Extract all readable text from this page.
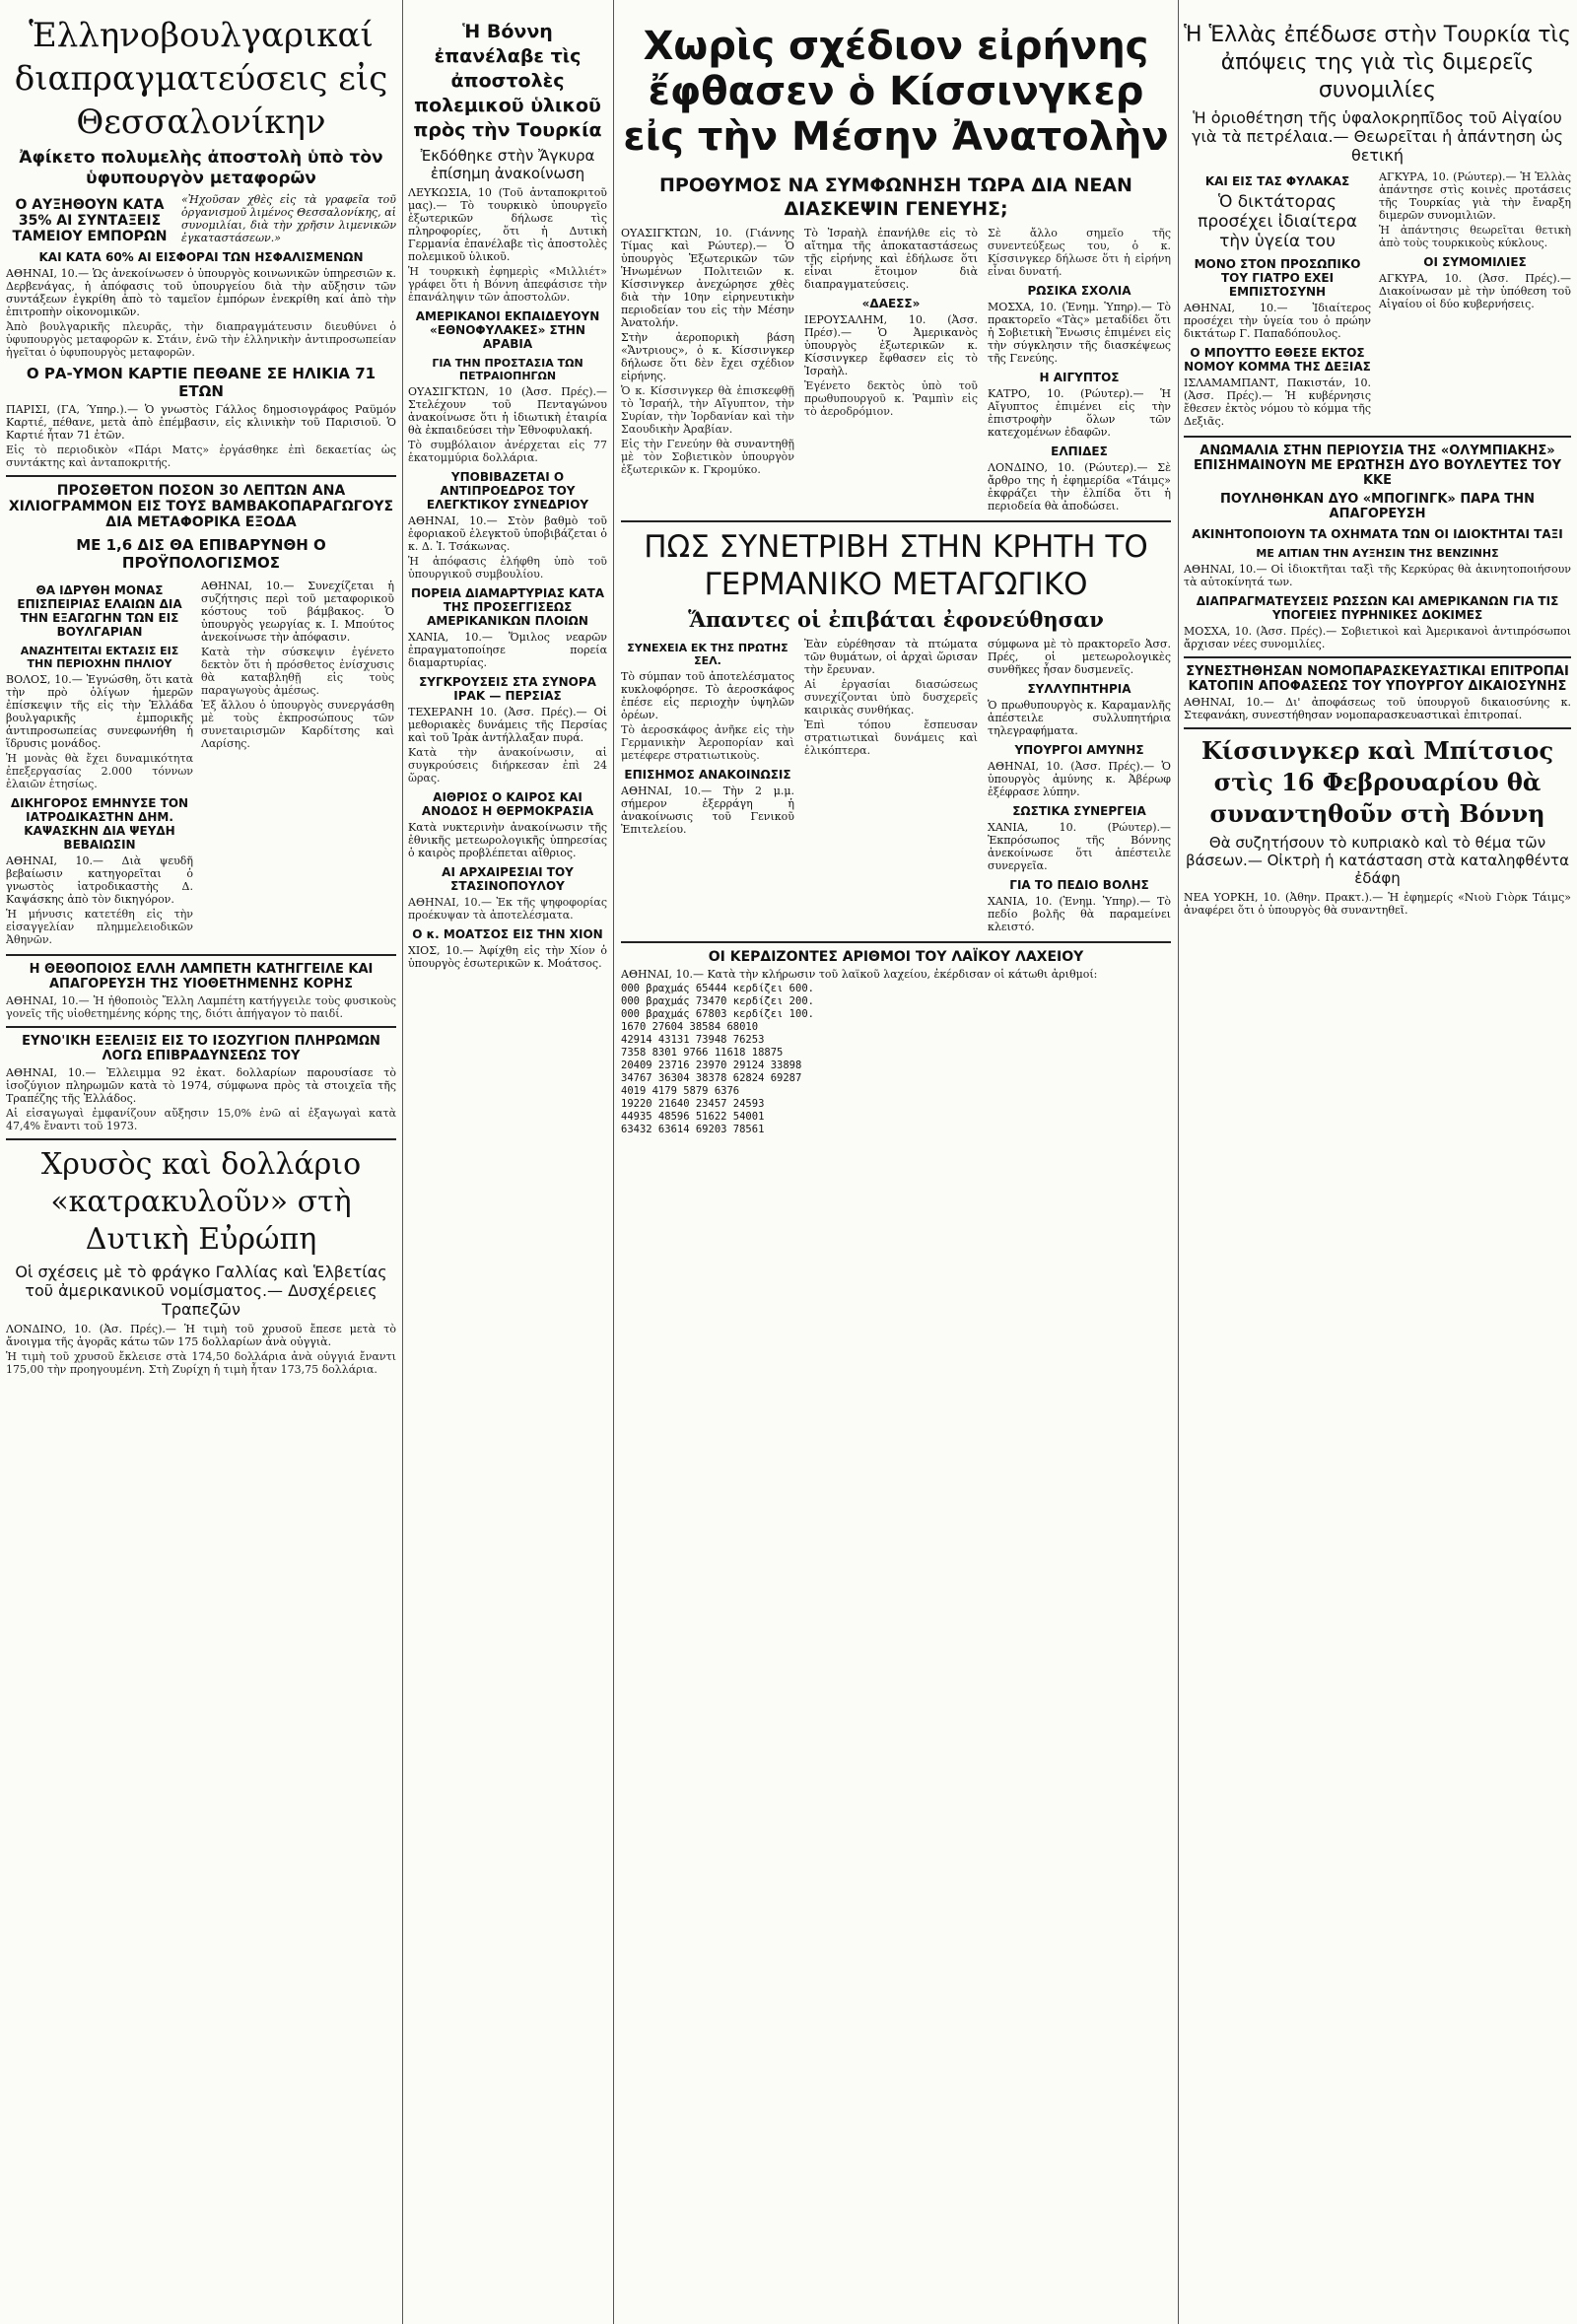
Ἑλληνοβουλγαρικαί διαπραγματεύσεις εἰς Θεσσαλονίκην
Ἀφίκετο πολυμελὴς ἀποστολὴ ὑπὸ τὸν ὑφυπουργὸν μεταφορῶν
Ο ΑΥΞΗΘΟΥΝ ΚΑΤΑ 35% ΑΙ ΣΥΝΤΑΞΕΙΣ ΤΑΜΕΙΟΥ ΕΜΠΟΡΩΝ

«Ἠχοῦσαν χθὲς εἰς τὰ γραφεῖα τοῦ ὀργανισμοῦ λιμένος Θεσσαλονίκης, αἱ συνομιλίαι, διὰ τὴν χρῆσιν λιμενικῶν ἐγκαταστάσεων.»

ΚΑΙ ΚΑΤΑ 60% ΑΙ ΕΙΣΦΟΡΑΙ ΤΩΝ ΗΣΦΑΛΙΣΜΕΝΩΝ

ΑΘΗΝΑΙ, 10.— Ὡς ἀνεκοίνωσεν ὁ ὑπουργὸς κοινωνικῶν ὑπηρεσιῶν κ. Δερβενάγας, ἡ ἀπόφασις τοῦ ὑπουργείου διὰ τὴν αὔξησιν τῶν συντάξεων ἐγκρίθη ἀπὸ τὸ ταμεῖον ἐμπόρων ἐνεκρίθη καί ἀπὸ τὴν ἐπιτροπὴν οἰκονομικῶν.

Ἀπὸ βουλγαρικῆς πλευρᾶς, τὴν διαπραγμάτευσιν διευθύνει ὁ ὑφυπουργὸς μεταφορῶν κ. Στάιν, ἐνῶ τὴν ἑλληνικὴν ἀντιπροσωπείαν ἡγεῖται ὁ ὑφυπουργὸς μεταφορῶν.

Ο ΡΑ-ΥΜΟΝ ΚΑΡΤΙΕ ΠΕΘΑΝΕ ΣΕ ΗΛΙΚΙΑ 71 ΕΤΩΝ

ΠΑΡΙΣΙ, (ΓΑ, Ύπηρ.).— Ὁ γνωστὸς Γάλλος δημοσιογράφος Ραϋμόν Καρτιέ, πέθανε, μετὰ ἀπὸ ἐπέμβασιν, εἰς κλινικὴν τοῦ Παρισιοῦ. Ὁ Καρτιέ ἦταν 71 ἐτῶν.

Εἰς τὸ περιοδικὸν «Πάρι Ματς» ἐργάσθηκε ἐπὶ δεκαετίας ὡς συντάκτης καὶ ἀνταποκριτής.

ΠΡΟΣΘΕΤΟΝ ΠΟΣΟΝ 30 ΛΕΠΤΩΝ ΑΝΑ ΧΙΛΙΟΓΡΑΜΜΟΝ ΕΙΣ ΤΟΥΣ ΒΑΜΒΑΚΟΠΑΡΑΓΩΓΟΥΣ ΔΙΑ ΜΕΤΑΦΟΡΙΚΑ ΕΞΟΔΑ
ΜΕ 1,6 ΔΙΣ ΘΑ ΕΠΙΒΑΡΥΝΘΗ Ο ΠΡΟΫΠΟΛΟΓΙΣΜΟΣ
ΘΑ ΙΔΡΥΘΗ ΜΟΝΑΣ ΕΠΙΣΠΕΙΡΙΑΣ ΕΛΑΙΩΝ ΔΙΑ ΤΗΝ ΕΞΑΓΩΓΗΝ ΤΩΝ ΕΙΣ ΒΟΥΛΓΑΡΙΑΝ
ΑΝΑΖΗΤΕΙΤΑΙ ΕΚΤΑΣΙΣ ΕΙΣ ΤΗΝ ΠΕΡΙΟΧΗΝ ΠΗΛΙΟΥ

ΒΟΛΟΣ, 10.— Ἐγνώσθη, ὅτι κατὰ τὴν πρὸ ὀλίγων ἡμερῶν ἐπίσκεψιν τῆς εἰς τὴν Ἑλλάδα βουλγαρικῆς ἐμπορικῆς ἀντιπροσωπείας συνεφωνήθη ἡ ἵδρυσις μονάδος.

Ἡ μονὰς θὰ ἔχει δυναμικότητα ἐπεξεργασίας 2.000 τόννων ἐλαιῶν ἐτησίως.

ΔΙΚΗΓΟΡΟΣ ΕΜΗΝΥΣΕ ΤΟΝ ΙΑΤΡΟΔΙΚΑΣΤΗΝ ΔΗΜ. ΚΑΨΑΣΚΗΝ ΔΙΑ ΨΕΥΔΗ ΒΕΒΑΙΩΣΙΝ

ΑΘΗΝΑΙ, 10.— Διὰ ψευδῆ βεβαίωσιν κατηγορεῖται ὁ γνωστὸς ἰατροδικαστὴς Δ. Καψάσκης ἀπὸ τὸν δικηγόρον.

Ἡ μήνυσις κατετέθη εἰς τὴν εἰσαγγελίαν πλημμελειοδικῶν Ἀθηνῶν.

ΑΘΗΝΑΙ, 10.— Συνεχίζεται ἡ συζήτησις περὶ τοῦ μεταφορικοῦ κόστους τοῦ βάμβακος. Ὁ ὑπουργὸς γεωργίας κ. Ι. Μπούτος ἀνεκοίνωσε τὴν ἀπόφασιν.

Κατὰ τὴν σύσκεψιν ἐγένετο δεκτὸν ὅτι ἡ πρόσθετος ἐνίσχυσις θὰ καταβληθῇ εἰς τοὺς παραγωγοὺς ἀμέσως.

Ἐξ ἄλλου ὁ ὑπουργὸς συνεργάσθη μὲ τοὺς ἐκπροσώπους τῶν συνεταιρισμῶν Καρδίτσης καὶ Λαρίσης.

Η ΘΕΘΟΠΟΙΟΣ ΕΛΛΗ ΛΑΜΠΕΤΗ ΚΑΤΗΓΓΕΙΛΕ ΚΑΙ ΑΠΑΓΟΡΕΥΣΗ ΤΗΣ ΥΙΟΘΕΤΗΜΕΝΗΣ ΚΟΡΗΣ

ΑΘΗΝΑΙ, 10.— Ἡ ἠθοποιὸς Ἔλλη Λαμπέτη κατήγγειλε τοὺς φυσικοὺς γονεῖς τῆς υἱοθετημένης κόρης της, διότι ἀπήγαγον τὸ παιδί.

ΕΥΝΟ'ΙΚΗ ΕΞΕΛΙΞΙΣ ΕΙΣ ΤΟ ΙΣΟΖΥΓΙΟΝ ΠΛΗΡΩΜΩΝ ΛΟΓΩ ΕΠΙΒΡΑΔΥΝΣΕΩΣ ΤΟΥ

ΑΘΗΝΑΙ, 10.— Ἐλλειμμα 92 ἐκατ. δολλαρίων παρουσίασε τὸ ἰσοζύγιον πληρωμῶν κατὰ τὸ 1974, σύμφωνα πρὸς τὰ στοιχεῖα τῆς Τραπέζης τῆς Ἑλλάδος.

Αἱ εἰσαγωγαὶ ἐμφανίζουν αὔξησιν 15,0% ἐνῶ αἱ ἐξαγωγαὶ κατὰ 47,4% ἔναντι τοῦ 1973.

Χρυσὸς καὶ δολλάριο «κατρακυλοῦν» στὴ Δυτικὴ Εὐρώπη
Οἱ σχέσεις μὲ τὸ φράγκο Γαλλίας καὶ Ἑλβετίας τοῦ ἀμερικανικοῦ νομίσματος.— Δυσχέρειες Τραπεζῶν

ΛΟΝΔΙΝΟ, 10. (Ἀσ. Πρές).— Ἡ τιμὴ τοῦ χρυσοῦ ἔπεσε μετὰ τὸ ἄνοιγμα τῆς ἀγορᾶς κάτω τῶν 175 δολλαρίων ἀνὰ οὐγγιὰ.

Ἡ τιμὴ τοῦ χρυσοῦ ἔκλεισε στὰ 174,50 δολλάρια ἀνὰ οὐγγιά ἔναντι 175,00 τὴν προηγουμένη. Στὴ Ζυρίχη ἡ τιμὴ ἦταν 173,75 δολλάρια.

Ἡ Βόννη ἐπανέλαβε τὶς ἀποστολὲς πολεμικοῦ ὑλικοῦ πρὸς τὴν Τουρκία
Ἐκδόθηκε στὴν Ἄγκυρα ἐπίσημη ἀνακοίνωση

ΛΕΥΚΩΣΙΑ, 10 (Τοῦ ἀνταποκριτοῦ μας).— Τὸ τουρκικὸ ὑπουργεῖο ἐξωτερικῶν δήλωσε τὶς πληροφορίες, ὅτι ἡ Δυτικὴ Γερμανία ἐπανέλαβε τὶς ἀποστολὲς πολεμικοῦ ὑλικοῦ.

Ἡ τουρκικὴ ἐφημερὶς «Μιλλιέτ» γράφει ὅτι ἡ Βόννη ἀπεφάσισε τὴν ἐπανάληψιν τῶν ἀποστολῶν.

ΑΜΕΡΙΚΑΝΟΙ ΕΚΠΑΙΔΕΥΟΥΝ «ΕΘΝΟΦΥΛΑΚΕΣ» ΣΤΗΝ ΑΡΑΒΙΑ
ΓΙΑ ΤΗΝ ΠΡΟΣΤΑΣΙΑ ΤΩΝ ΠΕΤΡΑΙΟΠΗΓΩΝ

ΟΥΑΣΙΓΚΤΩΝ, 10 (Ἀσσ. Πρές).— Στελέχουν τοῦ Πενταγώνου ἀνακοίνωσε ὅτι ἡ ἰδιωτικὴ ἑταιρία θὰ ἐκπαιδεύσει τὴν Ἐθνοφυλακή.

Τὸ συμβόλαιον ἀνέρχεται εἰς 77 ἑκατομμύρια δολλάρια.

ΥΠΟΒΙΒΑΖΕΤΑΙ Ο ΑΝΤΙΠΡΟΕΔΡΟΣ ΤΟΥ ΕΛΕΓΚΤΙΚΟΥ ΣΥΝΕΔΡΙΟΥ

ΑΘΗΝΑΙ, 10.— Στὸν βαθμὸ τοῦ ἐφοριακοῦ ἐλεγκτοῦ ὑποβιβάζεται ὁ κ. Δ. Ἰ. Τσάκωνας.

Ἡ ἀπόφασις ἐλήφθη ὑπὸ τοῦ ὑπουργικοῦ συμβουλίου.

ΠΟΡΕΙΑ ΔΙΑΜΑΡΤΥΡΙΑΣ ΚΑΤΑ ΤΗΣ ΠΡΟΣΕΓΓΙΣΕΩΣ ΑΜΕΡΙΚΑΝΙΚΩΝ ΠΛΟΙΩΝ

ΧΑΝΙΑ, 10.— Ὅμιλος νεαρῶν ἐπραγματοποίησε πορεία διαμαρτυρίας.

ΣΥΓΚΡΟΥΣΕΙΣ ΣΤΑ ΣΥΝΟΡΑ ΙΡΑΚ — ΠΕΡΣΙΑΣ

ΤΕΧΕΡΑΝΗ 10. (Ἀσσ. Πρές).— Οἱ μεθοριακὲς δυνάμεις τῆς Περσίας καὶ τοῦ Ἰρὰκ ἀντήλλαξαν πυρά.

Κατὰ τὴν ἀνακοίνωσιν, αἱ συγκρούσεις διήρκεσαν ἐπὶ 24 ὥρας.

ΑΙΘΡΙΟΣ Ο ΚΑΙΡΟΣ ΚΑΙ ΑΝΟΔΟΣ Η ΘΕΡΜΟΚΡΑΣΙΑ

Κατὰ νυκτερινὴν ἀνακοίνωσιν τῆς ἐθνικῆς μετεωρολογικῆς ὑπηρεσίας ὁ καιρὸς προβλέπεται αἴθριος.

ΑΙ ΑΡΧΑΙΡΕΣΙΑΙ ΤΟΥ ΣΤΑΣΙΝΟΠΟΥΛΟΥ

ΑΘΗΝΑΙ, 10.— Ἐκ τῆς ψηφοφορίας προέκυψαν τὰ ἀποτελέσματα.

Ο κ. ΜΟΑΤΣΟΣ ΕΙΣ ΤΗΝ ΧΙΟΝ

ΧΙΟΣ, 10.— Ἀφίχθη εἰς τὴν Χίον ὁ ὑπουργὸς ἐσωτερικῶν κ. Μοάτσος.

Χωρὶς σχέδιον εἰρήνης ἔφθασεν ὁ Κίσσινγκερ εἰς τὴν Μέσην Ἀνατολὴν
ΠΡΟΘΥΜΟΣ ΝΑ ΣΥΜΦΩΝΗΣΗ ΤΩΡΑ ΔΙΑ ΝΕΑΝ ΔΙΑΣΚΕΨΙΝ ΓΕΝΕΥΗΣ;

ΟΥΑΣΙΓΚΤΩΝ, 10. (Γιάννης Τίμας καὶ Ρώυτερ).— Ὁ ὑπουργὸς Ἐξωτερικῶν τῶν Ἡνωμένων Πολιτειῶν κ. Κίσσινγκερ ἀνεχώρησε χθὲς διὰ τὴν 10ην εἰρηνευτικὴν περιοδείαν του εἰς τὴν Μέσην Ἀνατολήν.

Στὴν ἀεροπορικὴ βάση «Ἄντριους», ὁ κ. Κίσσινγκερ δήλωσε ὅτι δὲν ἔχει σχέδιον εἰρήνης.

Ὁ κ. Κίσσινγκερ θὰ ἐπισκεφθῇ τὸ Ἰσραήλ, τὴν Αἴγυπτον, τὴν Συρίαν, τὴν Ἰορδανίαν καὶ τὴν Σαουδικὴν Ἀραβίαν.

Εἰς τὴν Γενεύην θὰ συναντηθῇ μὲ τὸν Σοβιετικὸν ὑπουργὸν ἐξωτερικῶν κ. Γκρομύκο.

Τὸ Ἰσραὴλ ἐπανήλθε εἰς τὸ αἴτημα τῆς ἀποκαταστάσεως τῆς εἰρήνης καὶ ἐδήλωσε ὅτι εἶναι ἕτοιμον διὰ διαπραγματεύσεις.

«ΔΑΕΣΣ»

ΙΕΡΟΥΣΑΛΗΜ, 10. (Ἀσσ. Πρέσ).— Ὁ Ἀμερικανὸς ὑπουργὸς ἐξωτερικῶν κ. Κίσσινγκερ ἔφθασεν εἰς τὸ Ἰσραὴλ.

Ἐγένετο δεκτὸς ὑπὸ τοῦ πρωθυπουργοῦ κ. Ῥαμπὶν εἰς τὸ ἀεροδρόμιον.

Σὲ ἄλλο σημεῖο τῆς συνεντεύξεως του, ὁ κ. Κίσσινγκερ δήλωσε ὅτι ἡ εἰρήνη εἶναι δυνατή.

ΡΩΣΙΚΑ ΣΧΟΛΙΑ

ΜΟΣΧΑ, 10. (Ἐνημ. Ὑπηρ).— Τὸ πρακτορεῖο «Τὰς» μεταδίδει ὅτι ἡ Σοβιετικὴ Ἕνωσις ἐπιμένει εἰς τὴν σύγκλησιν τῆς διασκέψεως τῆς Γενεύης.

Η ΑΙΓΥΠΤΟΣ

ΚΑΤΡΟ, 10. (Ρώυτερ).— Ἡ Αἴγυπτος ἐπιμένει εἰς τὴν ἐπιστροφὴν ὅλων τῶν κατεχομένων ἐδαφῶν.

ΕΛΠΙΔΕΣ

ΛΟΝΔΙΝΟ, 10. (Ρώυτερ).— Σὲ ἄρθρο της ἡ ἐφημερίδα «Τάιμς» ἐκφράζει τὴν ἐλπίδα ὅτι ἡ περιοδεία θὰ ἀποδώσει.

ΠΩΣ ΣΥΝΕΤΡΙΒΗ ΣΤΗΝ ΚΡΗΤΗ ΤΟ ΓΕΡΜΑΝΙΚΟ ΜΕΤΑΓΩΓΙΚΟ
Ἅπαντες οἱ ἐπιβάται ἐφονεύθησαν
ΣΥΝΕΧΕΙΑ ΕΚ ΤΗΣ ΠΡΩΤΗΣ ΣΕΛ.

Τὸ σύμπαν τοῦ ἀποτελέσματος κυκλοφόρησε. Τὸ ἀεροσκάφος ἐπέσε εἰς περιοχὴν ὑψηλῶν ὀρέων.

Τὸ ἀεροσκάφος ἀνῆκε εἰς τὴν Γερμανικὴν Ἀεροπορίαν καὶ μετέφερε στρατιωτικοὺς.

ΕΠΙΣΗΜΟΣ ΑΝΑΚΟΙΝΩΣΙΣ

ΑΘΗΝΑΙ, 10.— Τὴν 2 μ.μ. σήμερον ἐξερράγη ἡ ἀνακοίνωσις τοῦ Γενικοῦ Ἐπιτελείου.

Ἐὰν εὑρέθησαν τὰ πτώματα τῶν θυμάτων, οἱ ἀρχαὶ ὥρισαν τὴν ἔρευναν.

Αἱ ἐργασίαι διασώσεως συνεχίζονται ὑπὸ δυσχερεῖς καιρικὰς συνθήκας.

Ἐπὶ τόπου ἔσπευσαν στρατιωτικαὶ δυνάμεις καὶ ἑλικόπτερα.

σύμφωνα μὲ τὸ πρακτορεῖο Ἀσσ. Πρές, οἱ μετεωρολογικὲς συνθῆκες ἦσαν δυσμενεῖς.

ΣΥΛΛΥΠΗΤΗΡΙΑ

Ὁ πρωθυπουργὸς κ. Καραμανλῆς ἀπέστειλε συλλυπητήρια τηλεγραφήματα.

ΥΠΟΥΡΓΟΙ ΑΜΥΝΗΣ

ΑΘΗΝΑΙ, 10. (Ἀσσ. Πρές).— Ὁ ὑπουργὸς ἀμύνης κ. Ἀβέρωφ ἐξέφρασε λύπην.

ΣΩΣΤΙΚΑ ΣΥΝΕΡΓΕΙΑ

ΧΑΝΙΑ, 10. (Ρώυτερ).— Ἐκπρόσωπος τῆς Βόννης ἀνεκοίνωσε ὅτι ἀπέστειλε συνεργεῖα.

ΓΙΑ ΤΟ ΠΕΔΙΟ ΒΟΛΗΣ

ΧΑΝΙΑ, 10. (Ἐνημ. Ὑπηρ).— Τὸ πεδίο βολῆς θὰ παραμείνει κλειστό.

ΟΙ ΚΕΡΔΙΖΟΝΤΕΣ ΑΡΙΘΜΟΙ ΤΟΥ ΛΑΪΚΟΥ ΛΑΧΕΙΟΥ

ΑΘΗΝΑΙ, 10.— Κατὰ τὴν κλήρωσιν τοῦ λαϊκοῦ λαχείου, ἐκέρδισαν οἱ κάτωθι ἀριθμοί:

000 βραχμάς 65444 κερδίζει 600.
000 βραχμάς 73470 κερδίζει 200.
000 βραχμάς 67803 κερδίζει 100.
1670 27604 38584 68010
42914 43131 73948 76253
7358 8301 9766 11618 18875
20409 23716 23970 29124 33898
34767 36304 38378 62824 69287
4019 4179 5879 6376
19220 21640 23457 24593
44935 48596 51622 54001
63432 63614 69203 78561
Ἡ Ἑλλὰς ἐπέδωσε στὴν Τουρκία τὶς ἀπόψεις της γιὰ τὶς διμερεῖς συνομιλίες
Ἡ ὁριοθέτηση τῆς ὑφαλοκρηπῖδος τοῦ Αἰγαίου γιὰ τὰ πετρέλαια.— Θεωρεῖται ἡ ἀπάντηση ὡς θετική
ΚΑΙ ΕΙΣ ΤΑΣ ΦΥΛΑΚΑΣ
Ὁ δικτάτορας προσέχει ἰδιαίτερα τὴν ὑγεία του
ΜΟΝΟ ΣΤΟΝ ΠΡΟΣΩΠΙΚΟ ΤΟΥ ΓΙΑΤΡΟ ΕΧΕΙ ΕΜΠΙΣΤΟΣΥΝΗ

ΑΘΗΝΑΙ, 10.— Ἰδιαίτερος προσέχει τὴν ὑγεία του ὁ πρώην δικτάτωρ Γ. Παπαδόπουλος.

Ο ΜΠΟΥΤΤΟ ΕΘΕΣΕ ΕΚΤΟΣ ΝΟΜΟΥ ΚΟΜΜΑ ΤΗΣ ΔΕΞΙΑΣ

ΙΣΛΑΜΑΜΠΑΝΤ, Πακιστάν, 10. (Ἀσσ. Πρές).— Ἡ κυβέρνησις ἔθεσεν ἐκτὸς νόμου τὸ κόμμα τῆς Δεξιᾶς.

ΑΓΚΥΡΑ, 10. (Ρώυτερ).— Ἡ Ἑλλὰς ἀπάντησε στὶς κοινὲς προτάσεις τῆς Τουρκίας γιὰ τὴν ἔναρξη διμερῶν συνομιλιῶν.

Ἡ ἀπάντησις θεωρεῖται θετικὴ ἀπὸ τοὺς τουρκικοὺς κύκλους.

ΟΙ ΣΥΜΟΜΙΛΙΕΣ

ΑΓΚΥΡΑ, 10. (Ἀσσ. Πρές).— Διακοίνωσαν μὲ τὴν ὑπόθεση τοῦ Αἰγαίου οἱ δύο κυβερνήσεις.

ΑΝΩΜΑΛΙΑ ΣΤΗΝ ΠΕΡΙΟΥΣΙΑ ΤΗΣ «ΟΛΥΜΠΙΑΚΗΣ» ΕΠΙΣΗΜΑΙΝΟΥΝ ΜΕ ΕΡΩΤΗΣΗ ΔΥΟ ΒΟΥΛΕΥΤΕΣ ΤΟΥ ΚΚΕ
ΠΟΥΛΗΘΗΚΑΝ ΔΥΟ «ΜΠΟΓΙΝΓΚ» ΠΑΡΑ ΤΗΝ ΑΠΑΓΟΡΕΥΣΗ
ΑΚΙΝΗΤΟΠΟΙΟΥΝ ΤΑ ΟΧΗΜΑΤΑ ΤΩΝ ΟΙ ΙΔΙΟΚΤΗΤΑΙ ΤΑΞΙ
ΜΕ ΑΙΤΙΑΝ ΤΗΝ ΑΥΞΗΣΙΝ ΤΗΣ ΒΕΝΖΙΝΗΣ

ΑΘΗΝΑΙ, 10.— Οἱ ἰδιοκτῆται ταξὶ τῆς Κερκύρας θὰ ἀκινητοποιήσουν τὰ αὐτοκίνητά των.

ΔΙΑΠΡΑΓΜΑΤΕΥΣΕΙΣ ΡΩΣΣΩΝ ΚΑΙ ΑΜΕΡΙΚΑΝΩΝ ΓΙΑ ΤΙΣ ΥΠΟΓΕΙΕΣ ΠΥΡΗΝΙΚΕΣ ΔΟΚΙΜΕΣ

ΜΟΣΧΑ, 10. (Ἀσσ. Πρές).— Σοβιετικοὶ καὶ Ἀμερικανοὶ ἀντιπρόσωποι ἄρχισαν νέες συνομιλίες.

ΣΥΝΕΣΤΗΘΗΣΑΝ ΝΟΜΟΠΑΡΑΣΚΕΥΑΣΤΙΚΑΙ ΕΠΙΤΡΟΠΑΙ ΚΑΤΟΠΙΝ ΑΠΟΦΑΣΕΩΣ ΤΟΥ ΥΠΟΥΡΓΟΥ ΔΙΚΑΙΟΣΥΝΗΣ

ΑΘΗΝΑΙ, 10.— Δι' ἀποφάσεως τοῦ ὑπουργοῦ δικαιοσύνης κ. Στεφανάκη, συνεστήθησαν νομοπαρασκευαστικαὶ ἐπιτροπαί.

Κίσσινγκερ καὶ Μπίτσιος στὶς 16 Φεβρουαρίου θὰ συναντηθοῦν στὴ Βόννη
Θὰ συζητήσουν τὸ κυπριακὸ καὶ τὸ θέμα τῶν βάσεων.— Οἰκτρὴ ἡ κατάσταση στὰ καταληφθέντα ἐδάφη

ΝΕΑ ΥΟΡΚΗ, 10. (Ἀθην. Πρακτ.).— Ἡ ἐφημερίς «Νιοὺ Γιὸρκ Τάιμς» ἀναφέρει ὅτι ὁ ὑπουργὸς θὰ συναντηθεῖ.
